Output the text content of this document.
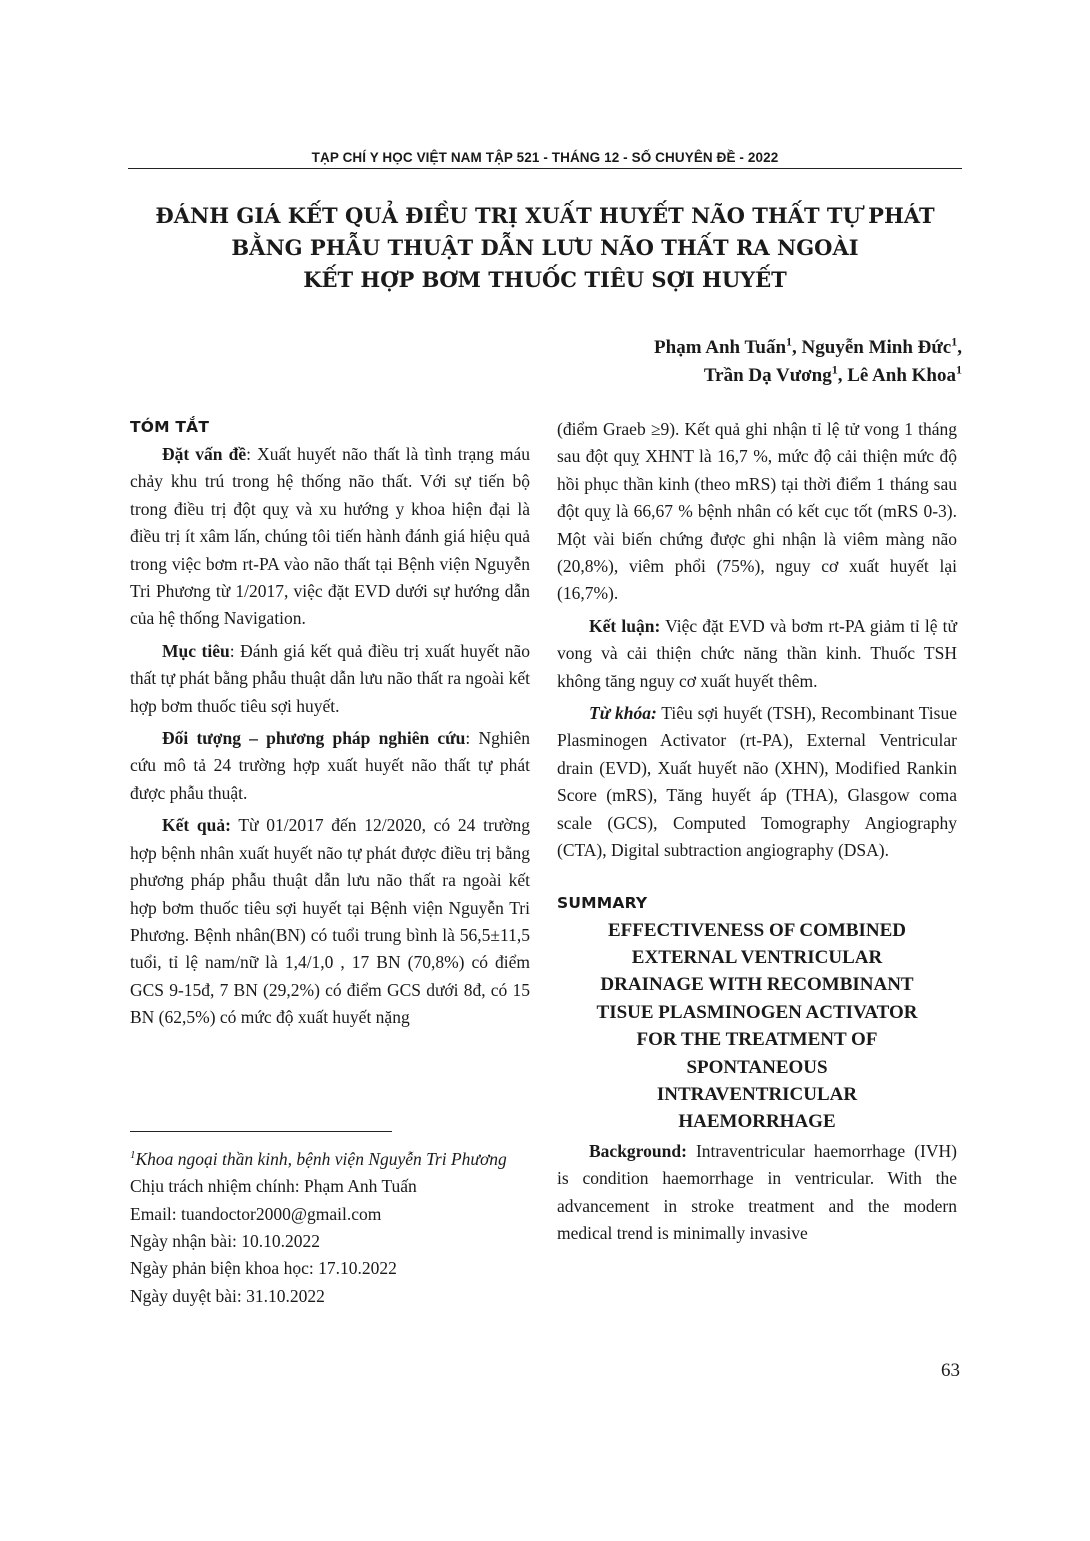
TẠP CHÍ Y HỌC VIỆT NAM TẬP 521 - THÁNG 12 - SỐ CHUYÊN ĐỀ - 2022
ĐÁNH GIÁ KẾT QUẢ ĐIỀU TRỊ XUẤT HUYẾT NÃO THẤT TỰ PHÁT
BẰNG PHẪU THUẬT DẪN LƯU NÃO THẤT RA NGOÀI
KẾT HỢP BƠM THUỐC TIÊU SỢI HUYẾT
Phạm Anh Tuấn$^1$, Nguyễn Minh Đức$^1$,
Trần Dạ Vương$^1$, Lê Anh Khoa$^1$
TÓM TẮT

Đặt vấn đề: Xuất huyết não thất là tình trạng máu chảy khu trú trong hệ thống não thất. Với sự tiến bộ trong điều trị đột quỵ và xu hướng y khoa hiện đại là điều trị ít xâm lấn, chúng tôi tiến hành đánh giá hiệu quả trong việc bơm rt-PA vào não thất tại Bệnh viện Nguyễn Tri Phương từ 1/2017, việc đặt EVD dưới sự hướng dẫn của hệ thống Navigation.

Mục tiêu: Đánh giá kết quả điều trị xuất huyết não thất tự phát bằng phẫu thuật dẫn lưu não thất ra ngoài kết hợp bơm thuốc tiêu sợi huyết.

Đối tượng – phương pháp nghiên cứu: Nghiên cứu mô tả 24 trường hợp xuất huyết não thất tự phát được phẫu thuật.

Kết quả: Từ 01/2017 đến 12/2020, có 24 trường hợp bệnh nhân xuất huyết não tự phát được điều trị bằng phương pháp phẫu thuật dẫn lưu não thất ra ngoài kết hợp bơm thuốc tiêu sợi huyết tại Bệnh viện Nguyễn Tri Phương. Bệnh nhân(BN) có tuổi trung bình là 56,5±11,5 tuổi, tỉ lệ nam/nữ là 1,4/1,0 , 17 BN (70,8%) có điểm GCS 9-15đ, 7 BN (29,2%) có điểm GCS dưới 8đ, có 15 BN (62,5%) có mức độ xuất huyết nặng

$^1$Khoa ngoại thần kinh, bệnh viện Nguyễn Tri Phương
Chịu trách nhiệm chính: Phạm Anh Tuấn
Email: tuandoctor2000@gmail.com
Ngày nhận bài: 10.10.2022
Ngày phản biện khoa học: 17.10.2022
Ngày duyệt bài: 31.10.2022

(điểm Graeb ≥9). Kết quả ghi nhận tỉ lệ tử vong 1 tháng sau đột quỵ XHNT là 16,7 %, mức độ cải thiện mức độ hồi phục thần kinh (theo mRS) tại thời điểm 1 tháng sau đột quỵ là 66,67 % bệnh nhân có kết cục tốt (mRS 0-3). Một vài biến chứng được ghi nhận là viêm màng não (20,8%), viêm phổi (75%), nguy cơ xuất huyết lại (16,7%).

Kết luận: Việc đặt EVD và bơm rt-PA giảm tỉ lệ tử vong và cải thiện chức năng thần kinh. Thuốc TSH không tăng nguy cơ xuất huyết thêm.

Từ khóa: Tiêu sợi huyết (TSH), Recombinant Tisue Plasminogen Activator (rt-PA), External Ventricular drain (EVD), Xuất huyết não (XHN), Modified Rankin Score (mRS), Tăng huyết áp (THA), Glasgow coma scale (GCS), Computed Tomography Angiography (CTA), Digital subtraction angiography (DSA).

SUMMARY
EFFECTIVENESS OF COMBINED
EXTERNAL VENTRICULAR
DRAINAGE WITH RECOMBINANT
TISUE PLASMINOGEN ACTIVATOR
FOR THE TREATMENT OF
SPONTANEOUS
INTRAVENTRICULAR
HAEMORRHAGE

Background: Intraventricular haemorrhage (IVH) is condition haemorrhage in ventricular. With the advancement in stroke treatment and the modern medical trend is minimally invasive

63
